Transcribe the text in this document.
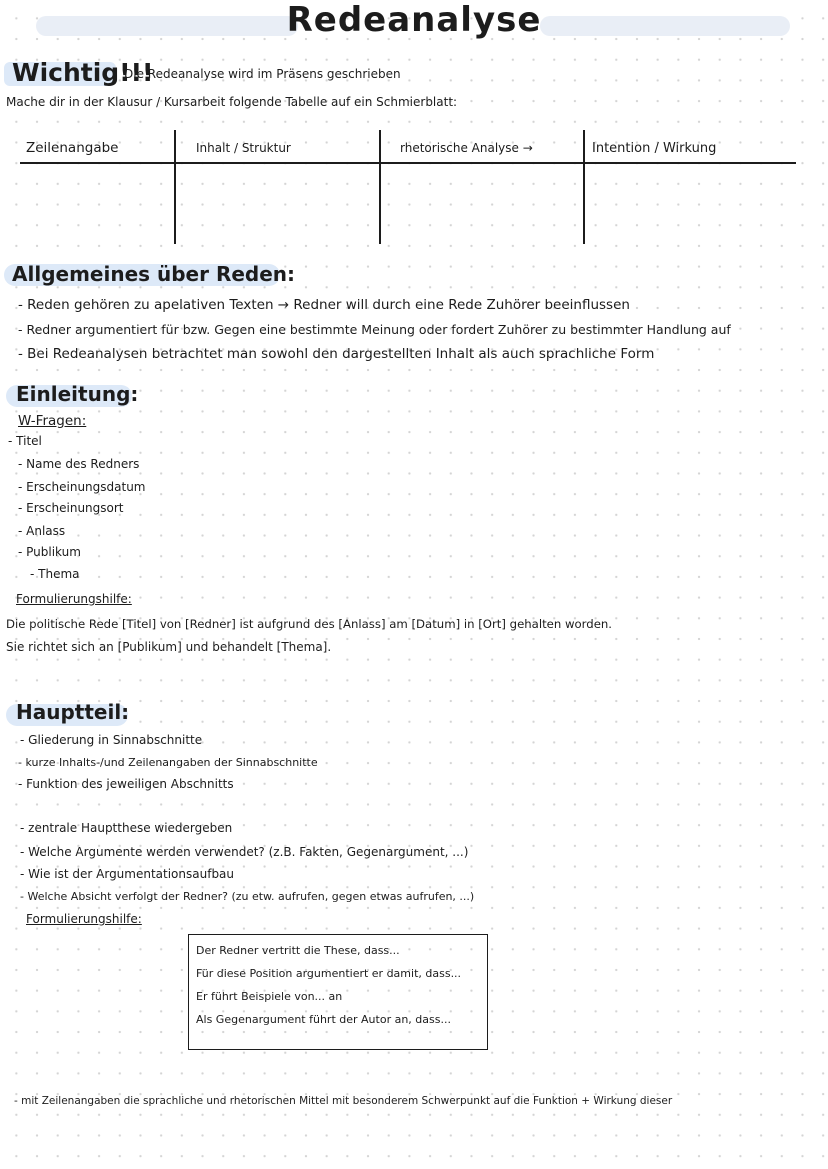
Redeanalyse
Wichtig!!!
Die Redeanalyse wird im Präsens geschrieben
Mache dir in der Klausur / Kursarbeit folgende Tabelle auf ein Schmierblatt:
Zeilenangabe	Inhalt / Struktur	rhetorische Analyse →	Intention / Wirkung
Allgemeines über Reden:
- Reden gehören zu apelativen Texten → Redner will durch eine Rede Zuhörer beeinflussen
- Redner argumentiert für bzw. Gegen eine bestimmte Meinung oder fordert Zuhörer zu bestimmter Handlung auf
- Bei Redeanalysen betrachtet man sowohl den dargestellten Inhalt als auch sprachliche Form
Einleitung:
W-Fragen:
- Titel
- Name des Redners
- Erscheinungsdatum
- Erscheinungsort
- Anlass
- Publikum
- Thema
Formulierungshilfe:
Die politische Rede [Titel] von [Redner] ist aufgrund des [Anlass] am [Datum] in [Ort] gehalten worden.
Sie richtet sich an [Publikum] und behandelt [Thema].
Hauptteil:
- Gliederung in Sinnabschnitte
- kurze Inhalts-/und Zeilenangaben der Sinnabschnitte
- Funktion des jeweiligen Abschnitts
- zentrale Hauptthese wiedergeben
- Welche Argumente werden verwendet? (z.B. Fakten, Gegenargument, ...)
- Wie ist der Argumentationsaufbau
- Welche Absicht verfolgt der Redner? (zu etw. aufrufen, gegen etwas aufrufen, ...)
Formulierungshilfe:
Der Redner vertritt die These, dass...
Für diese Position argumentiert er damit, dass...
Er führt Beispiele von... an
Als Gegenargument führt der Autor an, dass...
- mit Zeilenangaben die sprachliche und rhetorischen Mittel mit besonderem Schwerpunkt auf die Funktion + Wirkung dieser
